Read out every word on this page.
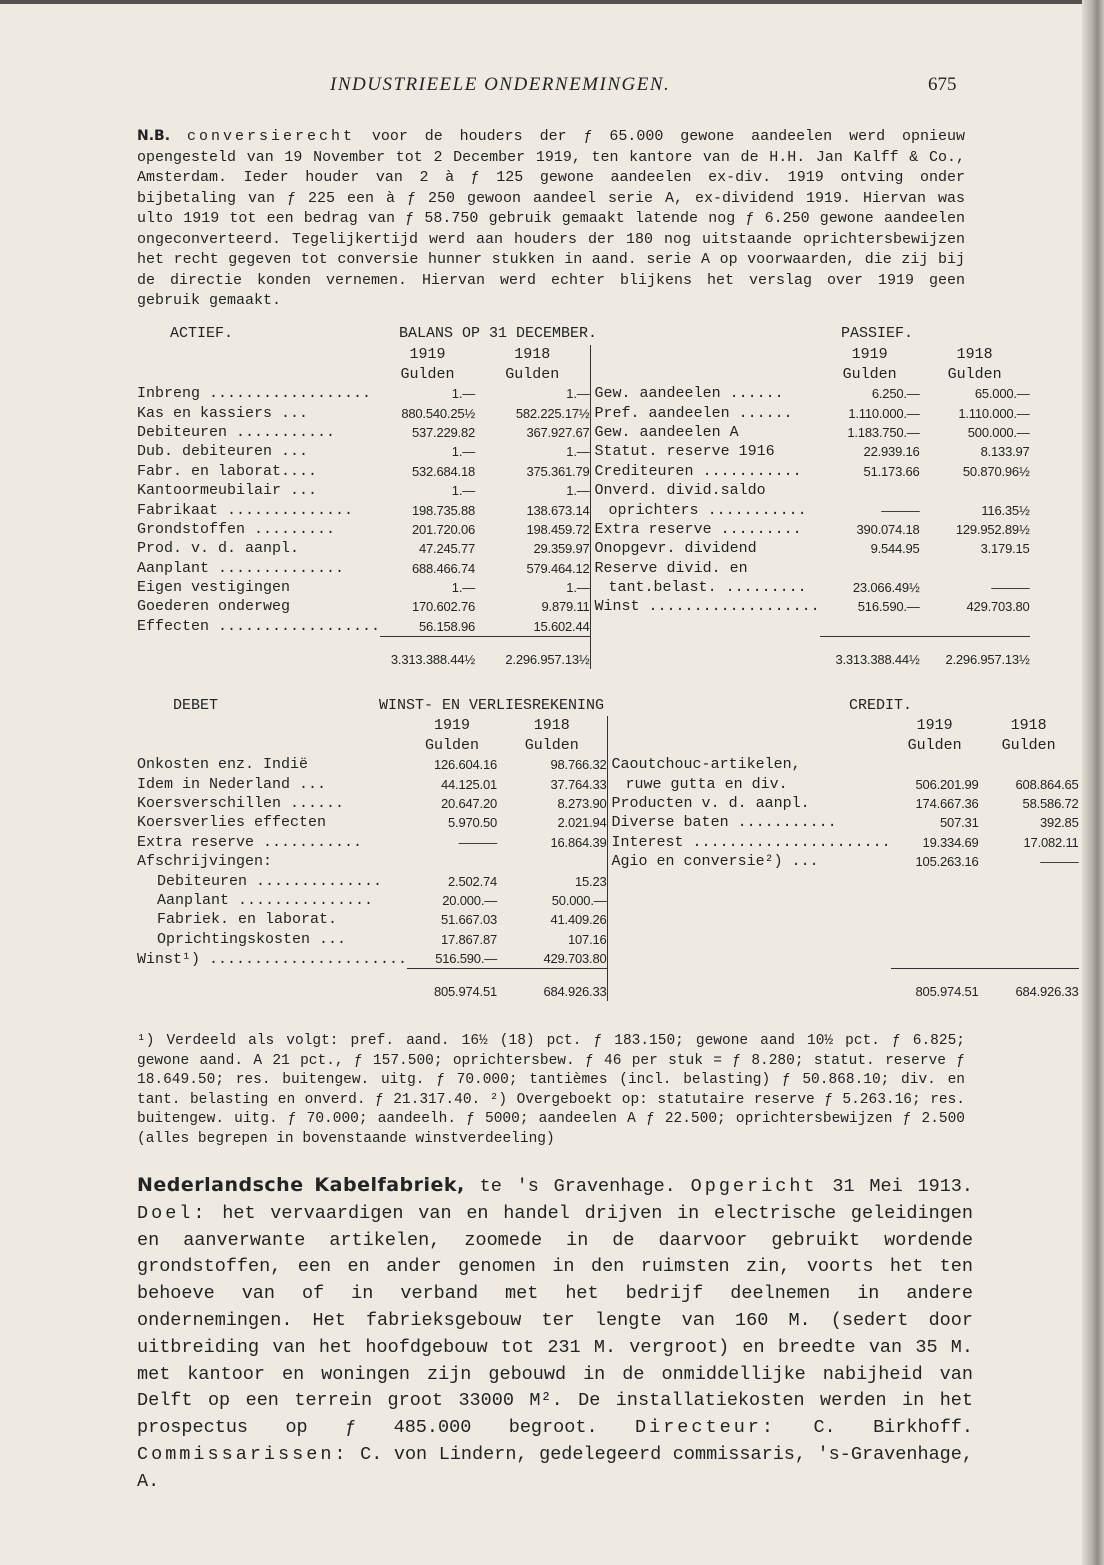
INDUSTRIEELE ONDERNEMINGEN.	675
N.B. conversierecht voor de houders der ƒ 65.000 gewone aandeelen werd opnieuw opengesteld van 19 November tot 2 December 1919, ten kantore van de H.H. Jan Kalff & Co., Amsterdam. Ieder houder van 2 à ƒ 125 gewone aandeelen ex-div. 1919 ontving onder bijbetaling van ƒ 225 een à ƒ 250 gewoon aandeel serie A, ex-dividend 1919. Hiervan was ulto 1919 tot een bedrag van ƒ 58.750 gebruik gemaakt latende nog ƒ 6.250 gewone aandeelen ongeconverteerd. Tegelijkertijd werd aan houders der 180 nog uitstaande oprichtersbewijzen het recht gegeven tot conversie hunner stukken in aand. serie A op voorwaarden, die zij bij de directie konden vernemen. Hiervan werd echter blijkens het verslag over 1919 geen gebruik gemaakt.
ACTIEF.	BALANS OP 31 DECEMBER.	PASSIEF.
	1919	1918		1919	1918
	Gulden	Gulden		Gulden	Gulden
Inbreng ..................	1.—	1.—	Gew. aandeelen ......	6.250.—	65.000.—
Kas en kassiers ...	880.540.25½	582.225.17½	Pref. aandeelen ......	1.110.000.—	1.110.000.—
Debiteuren ...........	537.229.82	367.927.67	Gew. aandeelen A	1.183.750.—	500.000.—
Dub. debiteuren ...	1.—	1.—	Statut. reserve 1916	22.939.16	8.133.97
Fabr. en laborat....	532.684.18	375.361.79	Crediteuren ...........	51.173.66	50.870.96½
Kantoormeubilair ...	1.—	1.—	Onverd. divid.saldo		
Fabrikaat ..............	198.735.88	138.673.14	oprichters ...........	———	116.35½
Grondstoffen .........	201.720.06	198.459.72	Extra reserve .........	390.074.18	129.952.89½
Prod. v. d. aanpl.	47.245.77	29.359.97	Onopgevr. dividend	9.544.95	3.179.15
Aanplant ..............	688.466.74	579.464.12	Reserve divid. en		
Eigen vestigingen	1.—	1.—	tant.belast. .........	23.066.49½	———
Goederen onderweg	170.602.76	9.879.11	Winst ...................	516.590.—	429.703.80
Effecten ..................	56.158.96	15.602.44			
	3.313.388.44½	2.296.957.13½		3.313.388.44½	2.296.957.13½
DEBET	WINST- EN VERLIESREKENING	CREDIT.
	1919	1918		1919	1918
	Gulden	Gulden		Gulden	Gulden
Onkosten enz. Indië	126.604.16	98.766.32	Caoutchouc-artikelen,		
Idem in Nederland ...	44.125.01	37.764.33	ruwe gutta en div.	506.201.99	608.864.65
Koersverschillen ......	20.647.20	8.273.90	Producten v. d. aanpl.	174.667.36	58.586.72
Koersverlies effecten	5.970.50	2.021.94	Diverse baten ...........	507.31	392.85
Extra reserve ...........	———	16.864.39	Interest ......................	19.334.69	17.082.11
Afschrijvingen:			Agio en conversie²) ...	105.263.16	———
Debiteuren ..............	2.502.74	15.23			
Aanplant ...............	20.000.—	50.000.—			
Fabriek. en laborat.	51.667.03	41.409.26			
Oprichtingskosten ...	17.867.87	107.16			
Winst¹) ......................	516.590.—	429.703.80			
	805.974.51	684.926.33		805.974.51	684.926.33
¹) Verdeeld als volgt: pref. aand. 16½ (18) pct. ƒ 183.150; gewone aand 10½ pct. ƒ 6.825; gewone aand. A 21 pct., ƒ 157.500; oprichtersbew. ƒ 46 per stuk = ƒ 8.280; statut. reserve ƒ 18.649.50; res. buitengew. uitg. ƒ 70.000; tantièmes (incl. belasting) ƒ 50.868.10; div. en tant. belasting en onverd. ƒ 21.317.40. ²) Overgeboekt op: statutaire reserve ƒ 5.263.16; res. buitengew. uitg. ƒ 70.000; aandeelh. ƒ 5000; aandeelen A ƒ 22.500; oprichtersbewijzen ƒ 2.500 (alles begrepen in bovenstaande winstverdeeling)
Nederlandsche Kabelfabriek, te 's Gravenhage. Opgericht 31 Mei 1913. Doel: het vervaardigen van en handel drijven in electrische geleidingen en aanverwante artikelen, zoomede in de daarvoor gebruikt wordende grondstoffen, een en ander genomen in den ruimsten zin, voorts het ten behoeve van of in verband met het bedrijf deelnemen in andere ondernemingen. Het fabrieksgebouw ter lengte van 160 M. (sedert door uitbreiding van het hoofdgebouw tot 231 M. vergroot) en breedte van 35 M. met kantoor en woningen zijn gebouwd in de onmiddellijke nabijheid van Delft op een terrein groot 33000 M². De installatiekosten werden in het prospectus op ƒ 485.000 begroot. Directeur: C. Birkhoff. Commissarissen: C. von Lindern, gedelegeerd commissaris, 's-Gravenhage, A.
